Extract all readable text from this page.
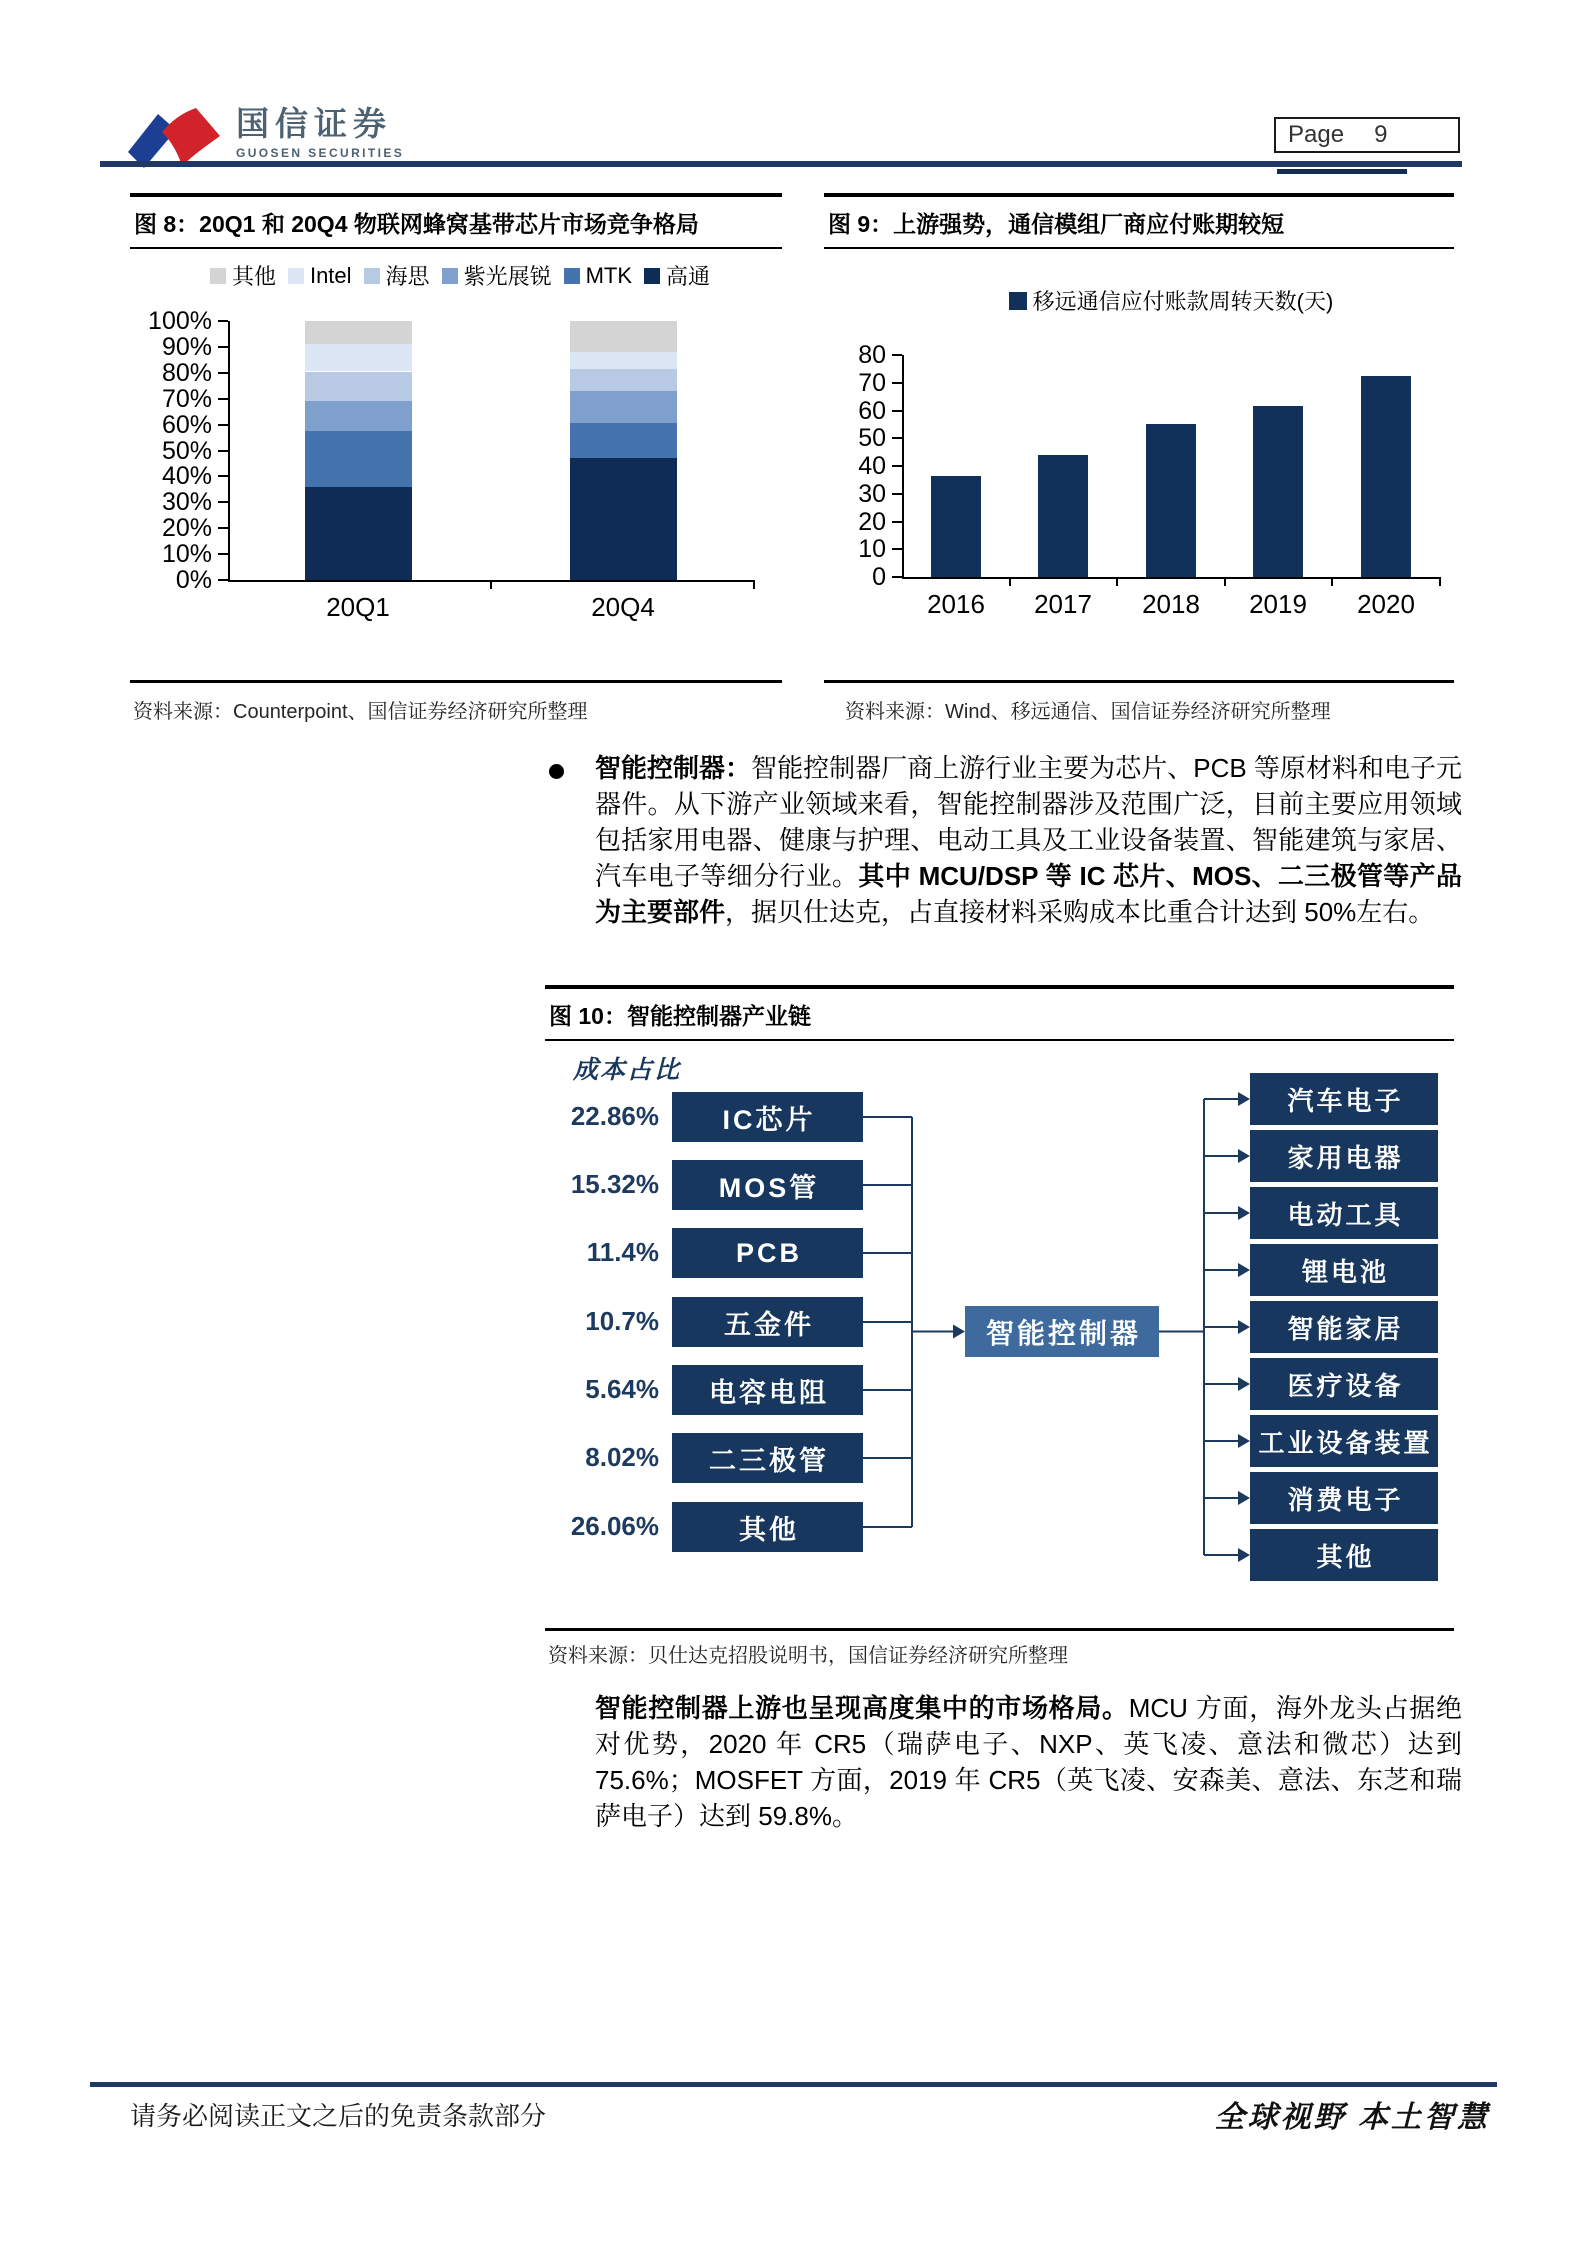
国信证券
GUOSEN SECURITIES
Page 9
图 8：20Q1 和 20Q4 物联网蜂窝基带芯片市场竞争格局
0%
10%
20%
30%
40%
50%
60%
70%
80%
90%
100%
20Q1	20Q4
其他 Intel 海思 紫光展锐 MTK 高通
资料来源：Counterpoint、国信证券经济研究所整理
图 9：上游强势，通信模组厂商应付账期较短
0
10
20
30
40
50
60
70
80
2016	2017	2018	2019	2020
移远通信应付账款周转天数(天)
资料来源：Wind、移远通信、国信证券经济研究所整理
智能控制器：智能控制器厂商上游行业主要为芯片、PCB 等原材料和电子元器件。从下游产业领域来看，智能控制器涉及范围广泛，目前主要应用领域包括家用电器、健康与护理、电动工具及工业设备装置、智能建筑与家居、汽车电子等细分行业。其中 MCU/DSP 等 IC 芯片、MOS、二三极管等产品为主要部件，据贝仕达克，占直接材料采购成本比重合计达到 50%左右。
图 10：智能控制器产业链
成本占比
22.86%	IC芯片
15.32%	MOS管
11.4%	PCB
10.7%	五金件
5.64%	电容电阻
8.02%	二三极管
26.06%	其他
智能控制器
汽车电子
家用电器
电动工具
锂电池
智能家居
医疗设备
工业设备装置
消费电子
其他
资料来源：贝仕达克招股说明书，国信证券经济研究所整理
智能控制器上游也呈现高度集中的市场格局。MCU 方面，海外龙头占据绝对优势，2020 年 CR5（瑞萨电子、NXP、英飞凌、意法和微芯）达到 75.6%；MOSFET 方面，2019 年 CR5（英飞凌、安森美、意法、东芝和瑞萨电子）达到 59.8%。
请务必阅读正文之后的免责条款部分	全球视野 本土智慧
